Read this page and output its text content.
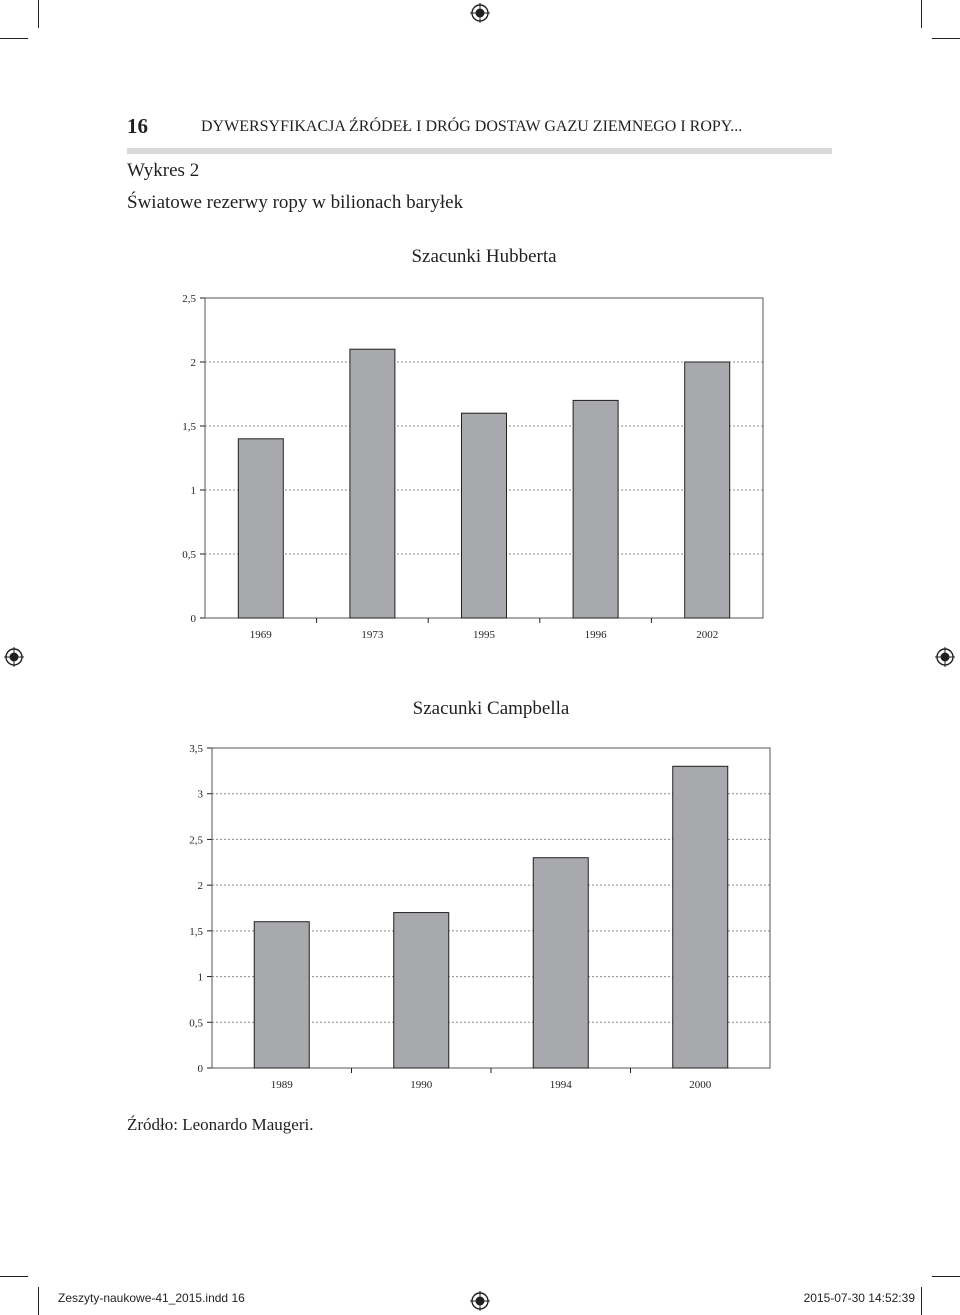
16	DYWERSYFIKACJA ŹRÓDEŁ I DRÓG DOSTAW GAZU ZIEMNEGO I ROPY...
Wykres 2
Światowe rezerwy ropy w bilionach baryłek
Szacunki Hubberta
0
0,5
1
1,5
2
2,5
1969	1973	1995	1996	2002
Szacunki Campbella
0
0,5
1
1,5
2
2,5
3
3,5
1989	1990	1994	2000
Źródło: Leonardo Maugeri.
Zeszyty-naukowe-41_2015.indd 16	2015-07-30 14:52:39
